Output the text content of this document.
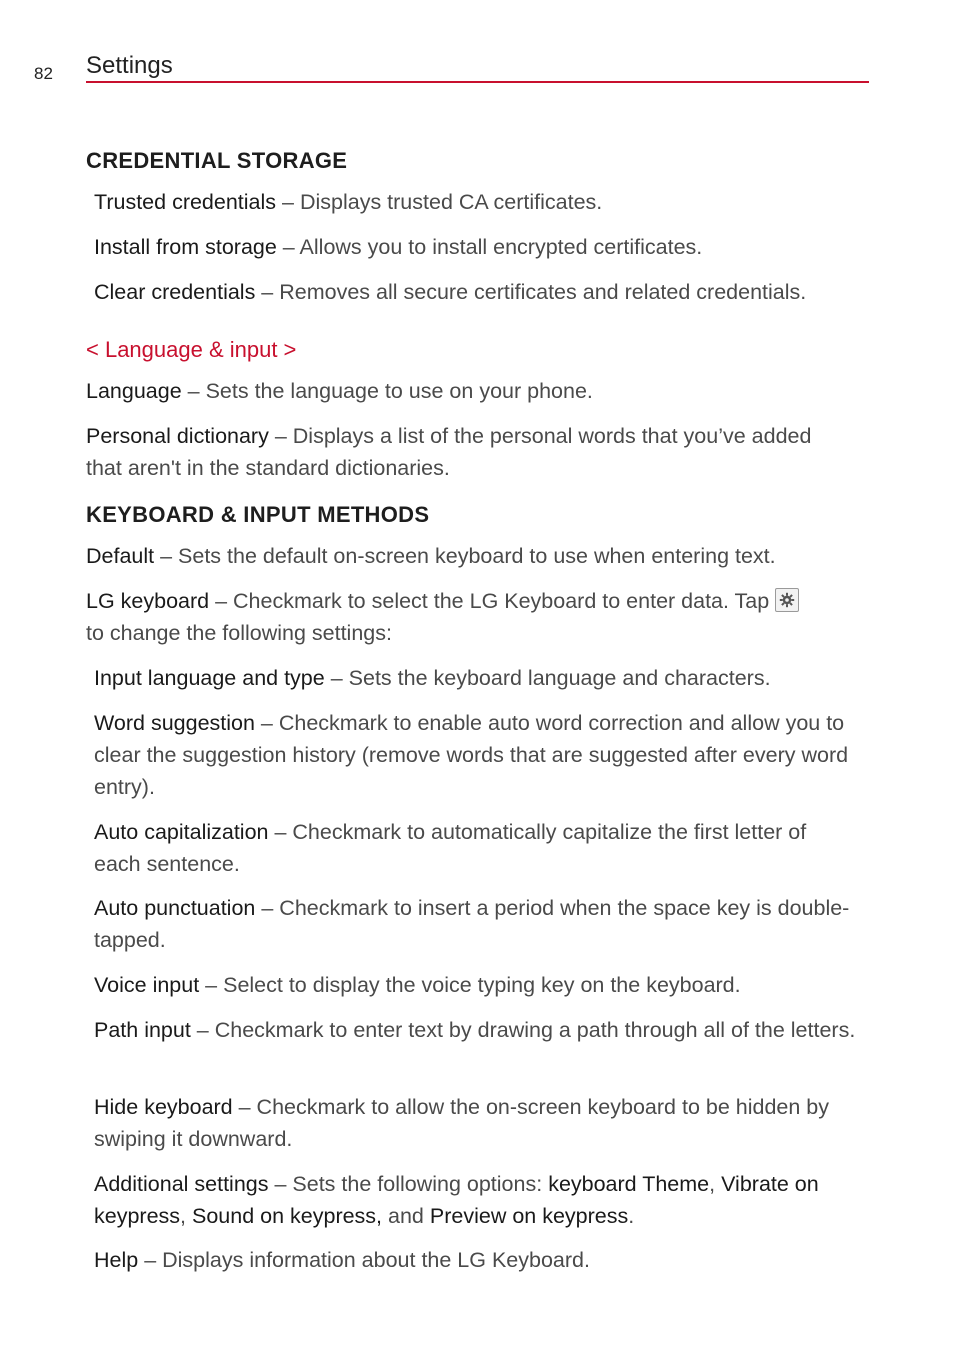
82 Settings
CREDENTIAL STORAGE
Trusted credentials – Displays trusted CA certificates.
Install from storage – Allows you to install encrypted certificates.
Clear credentials – Removes all secure certificates and related credentials.
< Language & input >
Language – Sets the language to use on your phone.
Personal dictionary – Displays a list of the personal words that you’ve added that aren't in the standard dictionaries.
KEYBOARD & INPUT METHODS
Default – Sets the default on-screen keyboard to use when entering text.
LG keyboard – Checkmark to select the LG Keyboard to enter data. Tap

to change the following settings:
Input language and type – Sets the keyboard language and characters.
Word suggestion – Checkmark to enable auto word correction and allow you to clear the suggestion history (remove words that are suggested after every word entry).
Auto capitalization – Checkmark to automatically capitalize the first letter of each sentence.
Auto punctuation – Checkmark to insert a period when the space key is double-tapped.
Voice input – Select to display the voice typing key on the keyboard.
Path input – Checkmark to enter text by drawing a path through all of the letters.
Hide keyboard – Checkmark to allow the on-screen keyboard to be hidden by swiping it downward.
Additional settings – Sets the following options: keyboard Theme, Vibrate on keypress, Sound on keypress, and Preview on keypress.
Help – Displays information about the LG Keyboard.
